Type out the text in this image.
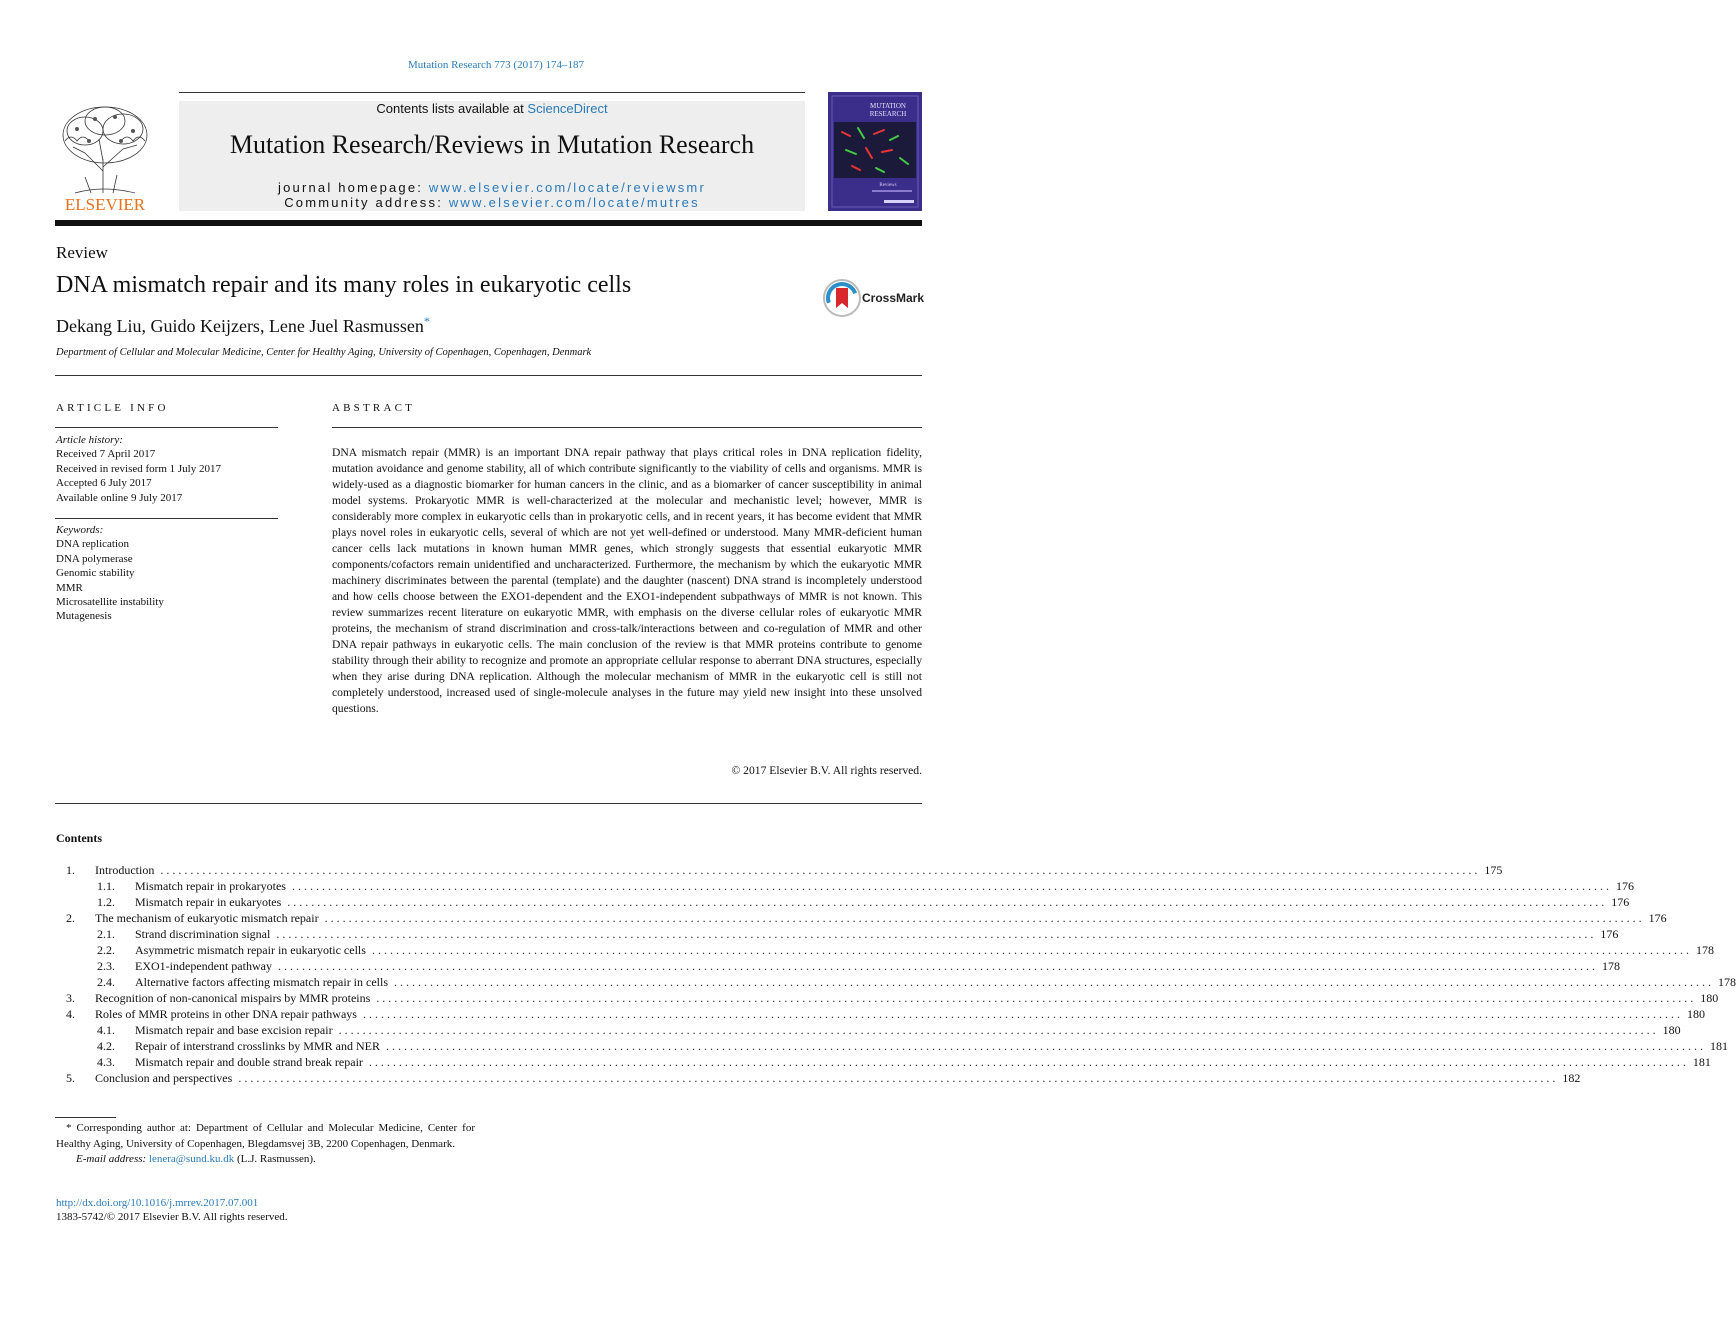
Mutation Research 773 (2017) 174–187
Contents lists available at ScienceDirect
Mutation Research/Reviews in Mutation Research
journal homepage: www.elsevier.com/locate/reviewsmr
Community address: www.elsevier.com/locate/mutres
ELSEVIER
MUTATION
RESEARCH
Reviews
Review
DNA mismatch repair and its many roles in eukaryotic cells
Dekang Liu, Guido Keijzers, Lene Juel Rasmussen*
Department of Cellular and Molecular Medicine, Center for Healthy Aging, University of Copenhagen, Copenhagen, Denmark
CrossMark
ARTICLE INFO
Article history:
Received 7 April 2017
Received in revised form 1 July 2017
Accepted 6 July 2017
Available online 9 July 2017
Keywords:
DNA replication
DNA polymerase
Genomic stability
MMR
Microsatellite instability
Mutagenesis
ABSTRACT
DNA mismatch repair (MMR) is an important DNA repair pathway that plays critical roles in DNA replication fidelity, mutation avoidance and genome stability, all of which contribute significantly to the viability of cells and organisms. MMR is widely-used as a diagnostic biomarker for human cancers in the clinic, and as a biomarker of cancer susceptibility in animal model systems. Prokaryotic MMR is well-characterized at the molecular and mechanistic level; however, MMR is considerably more complex in eukaryotic cells than in prokaryotic cells, and in recent years, it has become evident that MMR plays novel roles in eukaryotic cells, several of which are not yet well-defined or understood. Many MMR-deficient human cancer cells lack mutations in known human MMR genes, which strongly suggests that essential eukaryotic MMR components/cofactors remain unidentified and uncharacterized. Furthermore, the mechanism by which the eukaryotic MMR machinery discriminates between the parental (template) and the daughter (nascent) DNA strand is incompletely understood and how cells choose between the EXO1-dependent and the EXO1-independent subpathways of MMR is not known. This review summarizes recent literature on eukaryotic MMR, with emphasis on the diverse cellular roles of eukaryotic MMR proteins, the mechanism of strand discrimination and cross-talk/interactions between and co-regulation of MMR and other DNA repair pathways in eukaryotic cells. The main conclusion of the review is that MMR proteins contribute to genome stability through their ability to recognize and promote an appropriate cellular response to aberrant DNA structures, especially when they arise during DNA replication. Although the molecular mechanism of MMR in the eukaryotic cell is still not completely understood, increased used of single-molecule analyses in the future may yield new insight into these unsolved questions.
© 2017 Elsevier B.V. All rights reserved.
Contents
1. Introduction ............................................................................................................................................................................................................................ 175
1.1. Mismatch repair in prokaryotes ............................................................................................................................................................................................................................ 176
1.2. Mismatch repair in eukaryotes ............................................................................................................................................................................................................................ 176
2. The mechanism of eukaryotic mismatch repair ............................................................................................................................................................................................................................ 176
2.1. Strand discrimination signal ............................................................................................................................................................................................................................ 176
2.2. Asymmetric mismatch repair in eukaryotic cells ............................................................................................................................................................................................................................ 178
2.3. EXO1-independent pathway ............................................................................................................................................................................................................................ 178
2.4. Alternative factors affecting mismatch repair in cells ............................................................................................................................................................................................................................ 178
3. Recognition of non-canonical mispairs by MMR proteins ............................................................................................................................................................................................................................ 180
4. Roles of MMR proteins in other DNA repair pathways ............................................................................................................................................................................................................................ 180
4.1. Mismatch repair and base excision repair ............................................................................................................................................................................................................................ 180
4.2. Repair of interstrand crosslinks by MMR and NER ............................................................................................................................................................................................................................ 181
4.3. Mismatch repair and double strand break repair ............................................................................................................................................................................................................................ 181
5. Conclusion and perspectives ............................................................................................................................................................................................................................ 182
* Corresponding author at: Department of Cellular and Molecular Medicine, Center for Healthy Aging, University of Copenhagen, Blegdamsvej 3B, 2200 Copenhagen, Denmark.
E-mail address: lenera@sund.ku.dk (L.J. Rasmussen).
http://dx.doi.org/10.1016/j.mrrev.2017.07.001
1383-5742/© 2017 Elsevier B.V. All rights reserved.
